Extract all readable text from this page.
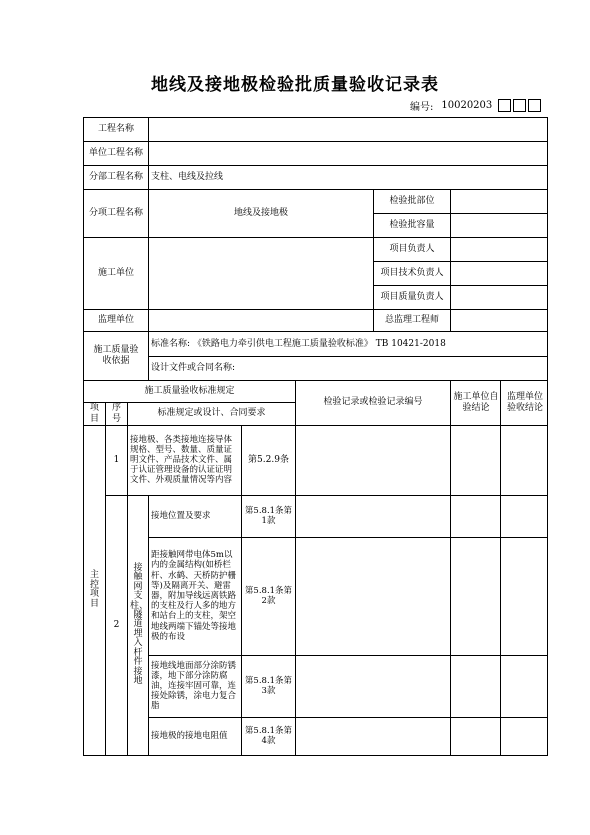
地线及接地极检验批质量验收记录表
编号: 10020203
工程名称								
单位工程名称								
分部工程名称			支柱、电线及拉线					
分项工程名称			地线及接地极			检验批部位		
						检验批容量		
施工单位						项目负责人		
						项目技术负责人		
						项目质量负责人		
监理单位						总监理工程师		

施工质量验收依据			标准名称: 《铁路电力牵引供电工程施工质量验收标准》 TB 10421-2018					
			设计文件或合同名称:					
施工质量验收标准规定					检验记录或检验记录编号		施工单位自验结论	监理单位验收结论

项目	序号	标准规定或设计、合同要求						

主控项目	1	接地极、各类接地连接导体规格、型号、数量、质量证明文件、产品技术文件、属于认证管理设备的认证证明文件、外观质量情况等内容		第5.2.9条				
	2	接触网支柱、隧道埋入杆件接地	接地位置及要求	第5.8.1条第1款				
			距接触网带电体5m以内的金属结构(如桥栏杆、水鹤、天桥防护栅等)及隔离开关、避雷器，附加导线远离铁路的支柱及行人多的地方和站台上的支柱，架空地线两端下锚处等接地极的布设	第5.8.1条第2款				
			接地线地面部分涂防锈漆，地下部分涂防腐油，连接牢固可靠，连接处除锈，涂电力复合脂	第5.8.1条第3款				
			接地极的接地电阻值	第5.8.1条第4款				
